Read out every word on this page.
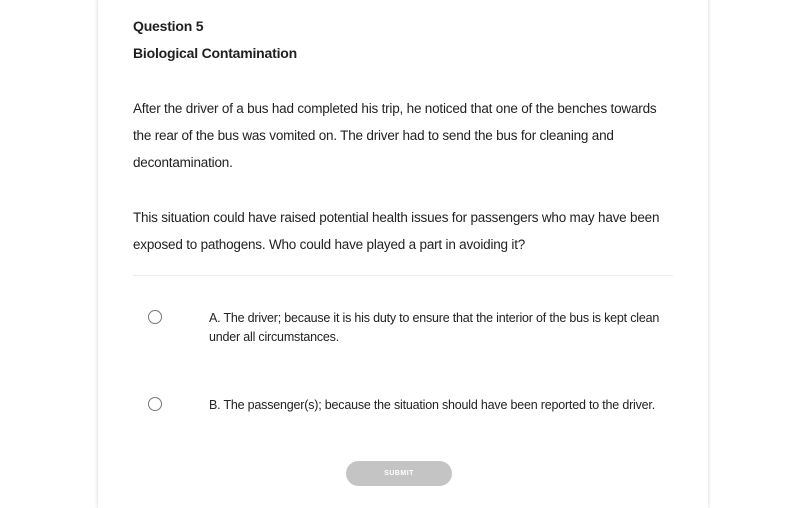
Question 5
Biological Contamination

After the driver of a bus had completed his trip, he noticed that one of the benches towards the rear of the bus was vomited on. The driver had to send the bus for cleaning and decontamination.

This situation could have raised potential health issues for passengers who may have been exposed to pathogens. Who could have played a part in avoiding it?

A. The driver; because it is his duty to ensure that the interior of the bus is kept clean under all circumstances.
B. The passenger(s); because the situation should have been reported to the driver.
SUBMIT
